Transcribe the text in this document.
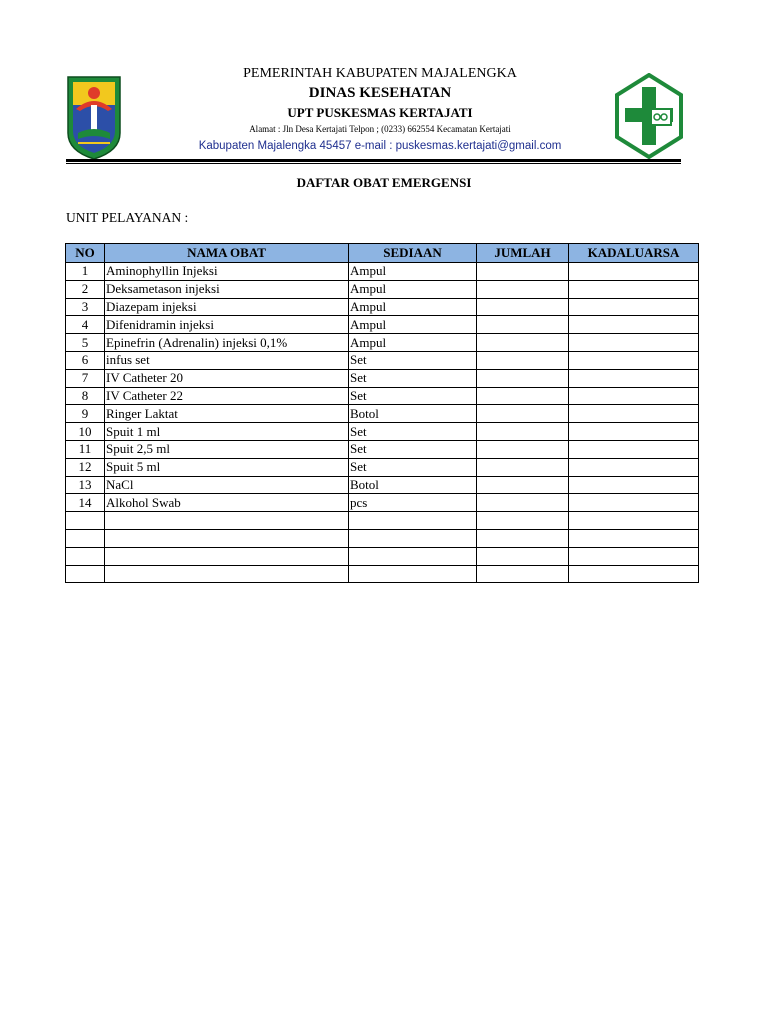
PEMERINTAH KABUPATEN MAJALENGKA
DINAS KESEHATAN
UPT PUSKESMAS KERTAJATI
Alamat : Jln Desa Kertajati Telpon ; (0233) 662554 Kecamatan Kertajati
Kabupaten Majalengka 45457 e-mail : puskesmas.kertajati@gmail.com
DAFTAR OBAT EMERGENSI
UNIT PELAYANAN :
NO	NAMA OBAT	SEDIAAN	JUMLAH	KADALUARSA
1	Aminophyllin Injeksi	Ampul		
2	Deksametason injeksi	Ampul		
3	Diazepam injeksi	Ampul		
4	Difenidramin injeksi	Ampul		
5	Epinefrin (Adrenalin) injeksi 0,1%	Ampul		
6	infus set	Set		
7	IV Catheter 20	Set		
8	IV Catheter 22	Set		
9	Ringer Laktat	Botol		
10	Spuit 1 ml	Set		
11	Spuit 2,5 ml	Set		
12	Spuit 5 ml	Set		
13	NaCl	Botol		
14	Alkohol Swab	pcs		
